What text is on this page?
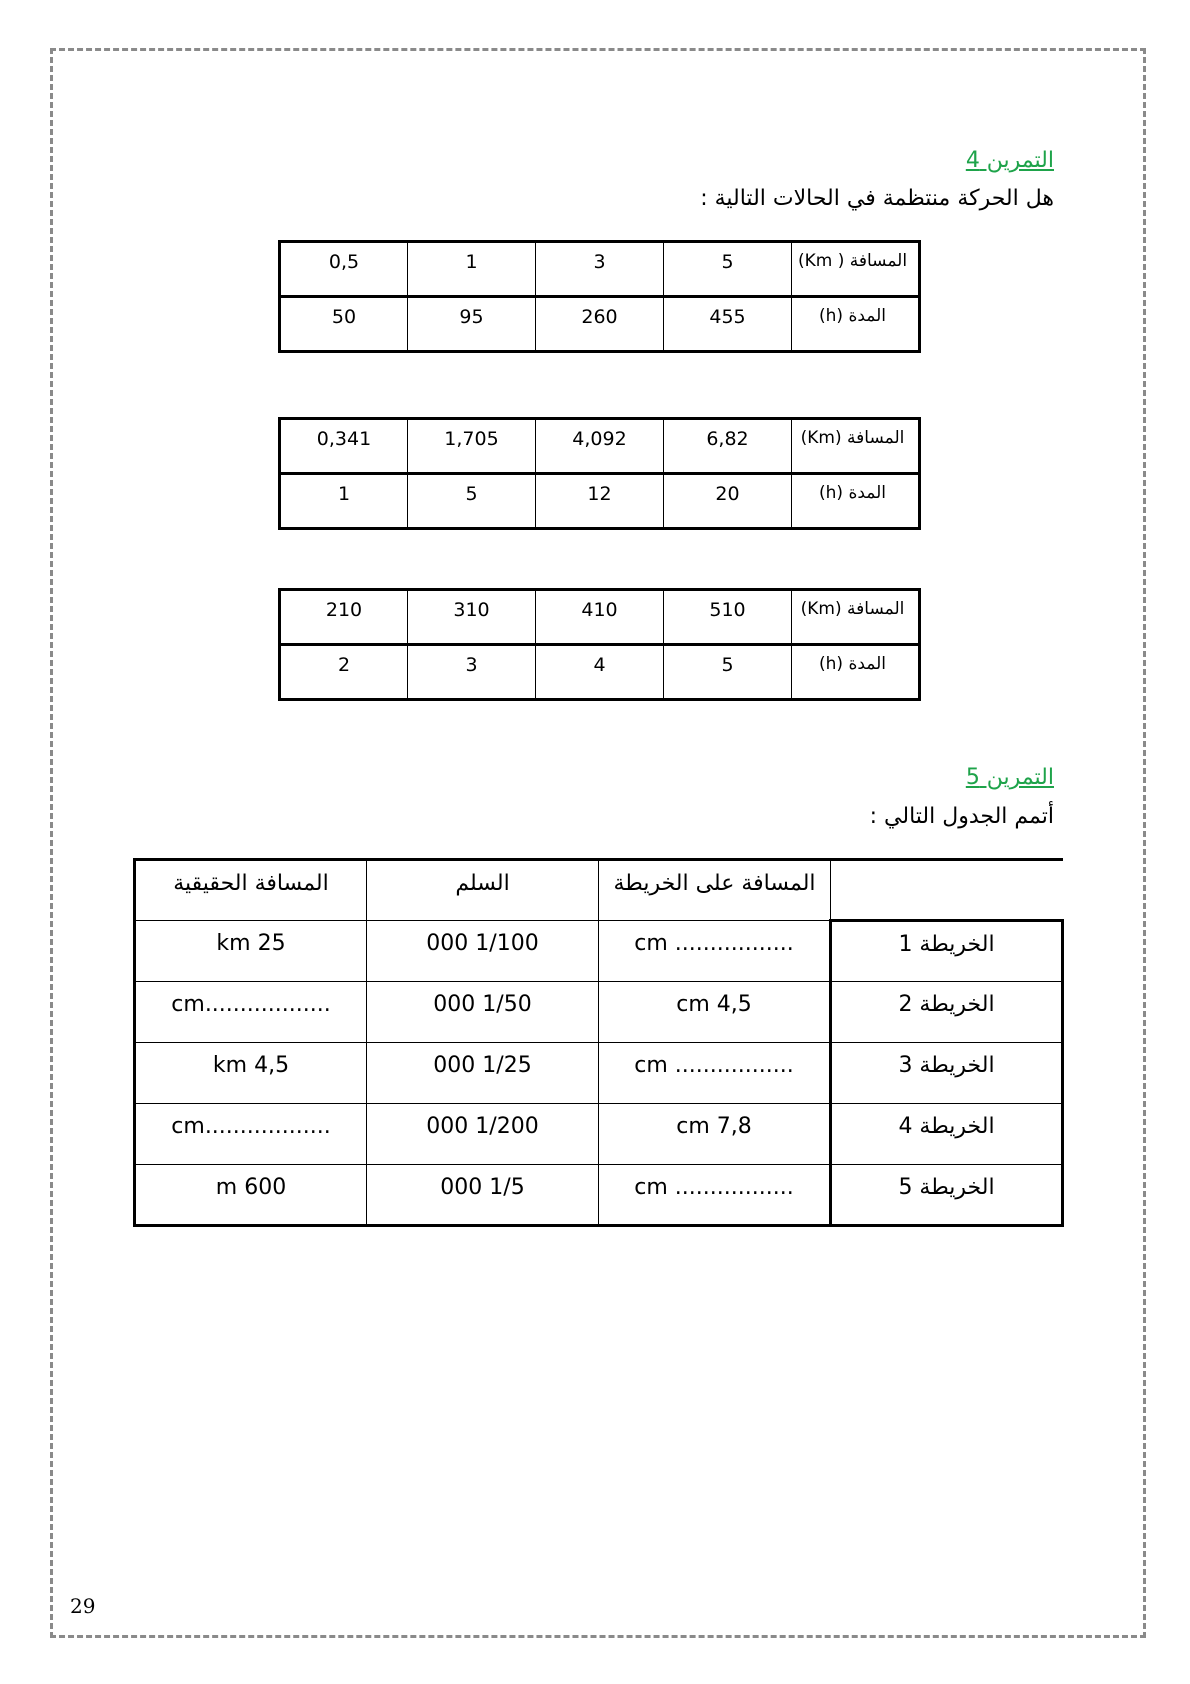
التمرين 4
هل الحركة منتظمة في الحالات التالية :
المسافة ( Km)	5	3	1	0,5
المدة (h)	455	260	95	50
المسافة (Km)	6,82	4,092	1,705	0,341
المدة (h)	20	12	5	1
المسافة (Km)	510	410	310	210
المدة (h)	5	4	3	2
التمرين 5
أتمم الجدول التالي :
	المسافة على الخريطة	السلم	المسافة الحقيقية
الخريطة 1	................. cm	1/100 000	25 km
الخريطة 2	4,5 cm	1/50 000	..................cm
الخريطة 3	................. cm	1/25 000	4,5 km
الخريطة 4	7,8 cm	1/200 000	..................cm
الخريطة 5	................. cm	1/5 000	600 m
29
